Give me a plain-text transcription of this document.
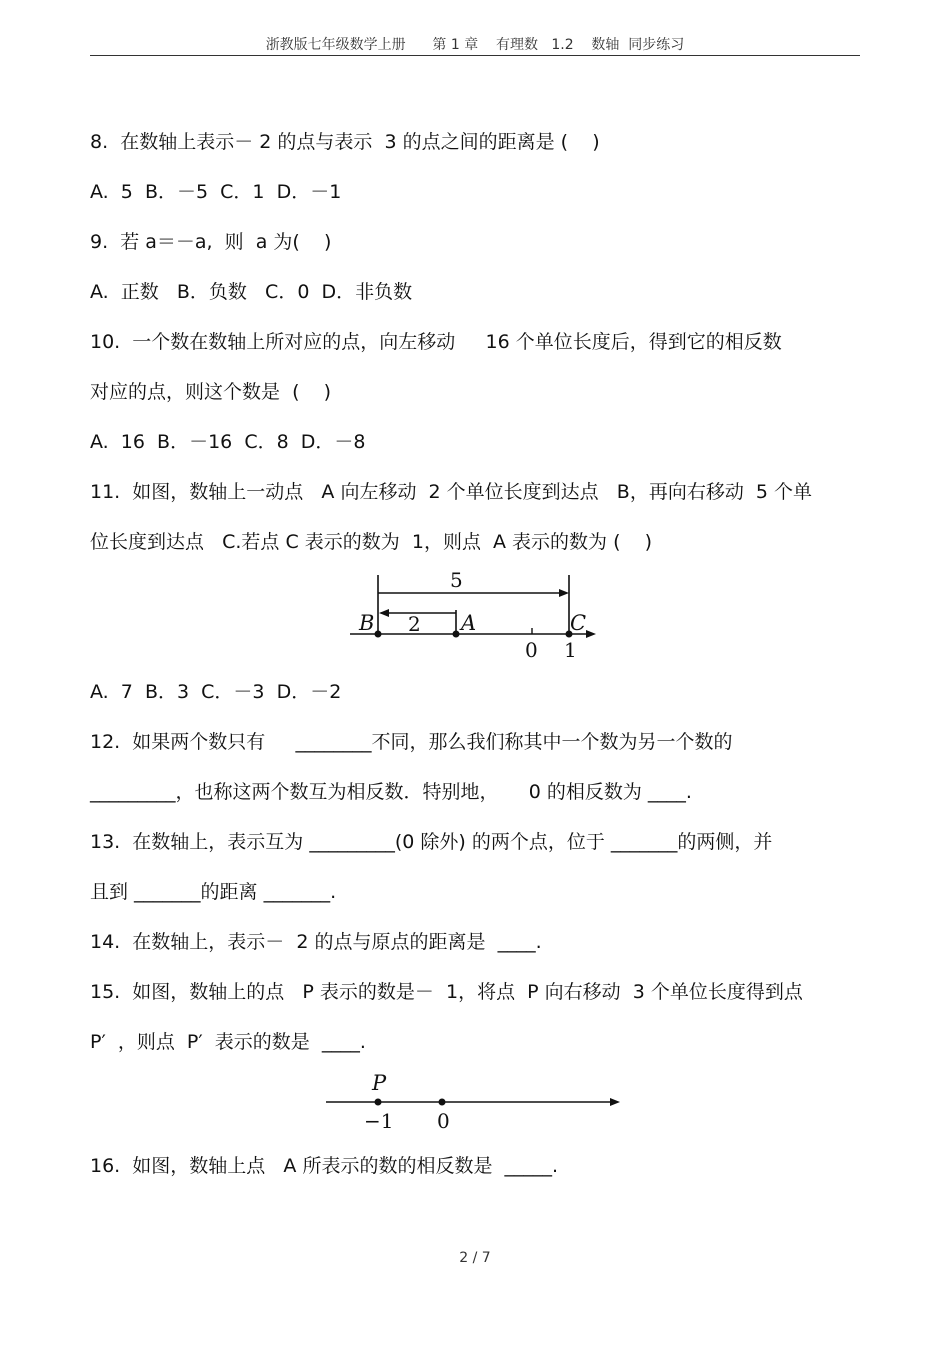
浙教版七年级数学上册      第 1 章    有理数   1.2    数轴  同步练习
8.  在数轴上表示－ 2 的点与表示  3 的点之间的距离是 (    )
A.  5  B．－5  C．1  D．－1
9.  若 a＝－a,  则  a 为(    )
A.  正数   B．负数   C．0  D．非负数
10.  一个数在数轴上所对应的点，向左移动     16 个单位长度后，得到它的相反数
对应的点，则这个数是  (    )
A.  16  B．－16  C．8  D．－8
11.  如图，数轴上一动点   A 向左移动  2 个单位长度到达点   B，再向右移动  5 个单
位长度到达点   C.若点 C 表示的数为  1，则点  A 表示的数为 (    )
5
2
B	A	C
0 1
A.  7  B．3  C．－3  D．－2
12.  如果两个数只有     ________不同，那么我们称其中一个数为另一个数的
_________，也称这两个数互为相反数．特别地，     0 的相反数为 ____.
13.  在数轴上，表示互为 _________(0 除外) 的两个点，位于 _______的两侧，并
且到 _______的距离 _______.
14.  在数轴上，表示－  2 的点与原点的距离是  ____.
15.  如图，数轴上的点   P 表示的数是－  1，将点  P 向右移动  3 个单位长度得到点
P′  ，则点  P′  表示的数是  ____.
P
−1 0
16.  如图，数轴上点   A 所表示的数的相反数是  _____.
2 / 7
